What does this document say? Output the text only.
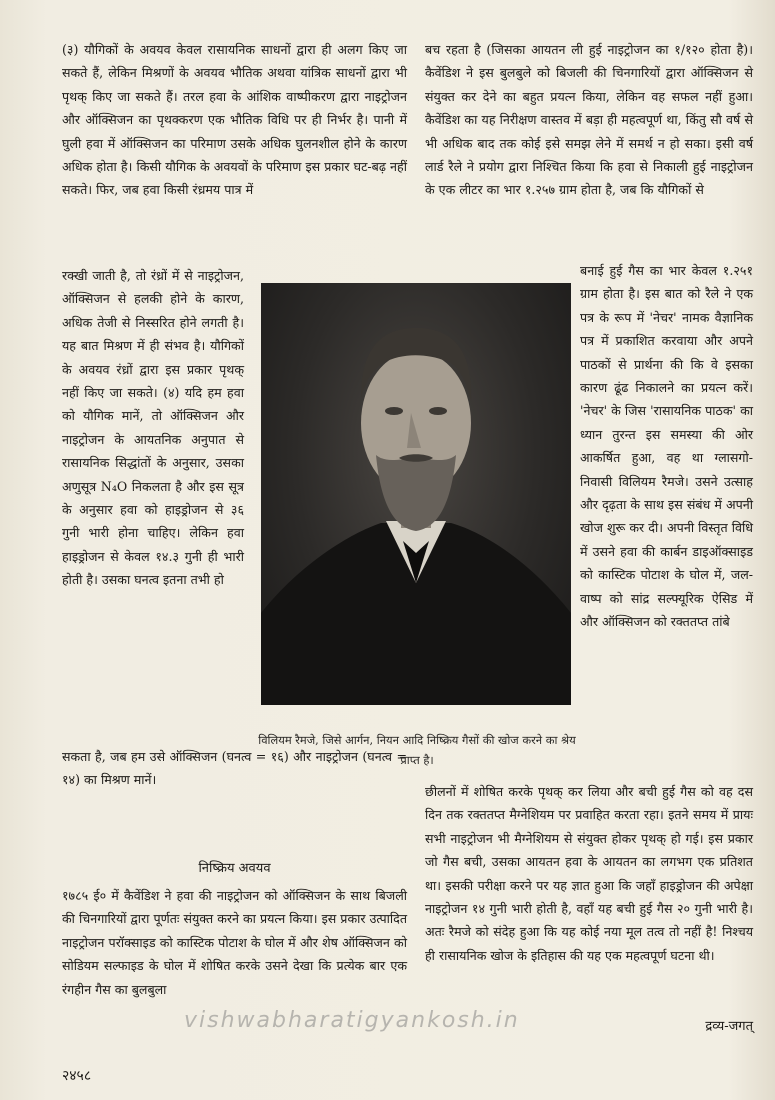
(३) यौगिकों के अवयव केवल रासायनिक साधनों द्वारा ही अलग किए जा सकते हैं, लेकिन मिश्रणों के अवयव भौतिक अथवा यांत्रिक साधनों द्वारा भी पृथक् किए जा सकते हैं। तरल हवा के आंशिक वाष्पीकरण द्वारा नाइट्रोजन और ऑक्सिजन का पृथक्करण एक भौतिक विधि पर ही निर्भर है। पानी में घुली हवा में ऑक्सिजन का परिमाण उसके अधिक घुलनशील होने के कारण अधिक होता है। किसी यौगिक के अवयवों के परिमाण इस प्रकार घट-बढ़ नहीं सकते। फिर, जब हवा किसी रंध्रमय पात्र में
रक्खी जाती है, तो रंध्रों में से नाइट्रोजन, ऑक्सिजन से हलकी होने के कारण, अधिक तेजी से निस्सरित होने लगती है। यह बात मिश्रण में ही संभव है। यौगिकों के अवयव रंध्रों द्वारा इस प्रकार पृथक् नहीं किए जा सकते। (४) यदि हम हवा को यौगिक मानें, तो ऑक्सिजन और नाइट्रोजन के आयतनिक अनुपात से रासायनिक सिद्धांतों के अनुसार, उसका अणुसूत्र N₄O निकलता है और इस सूत्र के अनुसार हवा को हाइड्रोजन से ३६ गुनी भारी होना चाहिए। लेकिन हवा हाइड्रोजन से केवल १४.३ गुनी ही भारी होती है। उसका घनत्व इतना तभी हो
सकता है, जब हम उसे ऑक्सिजन (घनत्व = १६) और नाइट्रोजन (घनत्व = १४) का मिश्रण मानें।
निष्क्रिय अवयव
१७८५ ई० में कैवेंडिश ने हवा की नाइट्रोजन को ऑक्सिजन के साथ बिजली की चिनगारियों द्वारा पूर्णतः संयुक्त करने का प्रयत्न किया। इस प्रकार उत्पादित नाइट्रोजन परॉक्साइड को कास्टिक पोटाश के घोल में और शेष ऑक्सिजन को सोडियम सल्फाइड के घोल में शोषित करके उसने देखा कि प्रत्येक बार एक रंगहीन गैस का बुलबुला
बच रहता है (जिसका आयतन ली हुई नाइट्रोजन का १/१२० होता है)। कैवेंडिश ने इस बुलबुले को बिजली की चिनगारियों द्वारा ऑक्सिजन से संयुक्त कर देने का बहुत प्रयत्न किया, लेकिन वह सफल नहीं हुआ। कैवेंडिश का यह निरीक्षण वास्तव में बड़ा ही महत्वपूर्ण था, किंतु सौ वर्ष से भी अधिक बाद तक कोई इसे समझ लेने में समर्थ न हो सका। इसी वर्ष लार्ड रैले ने प्रयोग द्वारा निश्चित किया कि हवा से निकाली हुई नाइट्रोजन के एक लीटर का भार १.२५७ ग्राम होता है, जब कि यौगिकों से
बनाई हुई गैस का भार केवल १.२५१ ग्राम होता है। इस बात को रैले ने एक पत्र के रूप में 'नेचर' नामक वैज्ञानिक पत्र में प्रकाशित करवाया और अपने पाठकों से प्रार्थना की कि वे इसका कारण ढूंढ निकालने का प्रयत्न करें। 'नेचर' के जिस 'रासायनिक पाठक' का ध्यान तुरन्त इस समस्या की ओर आकर्षित हुआ, वह था ग्लासगो-निवासी विलियम रैमजे। उसने उत्साह और दृढ़ता के साथ इस संबंध में अपनी खोज शुरू कर दी। अपनी विस्तृत विधि में उसने हवा की कार्बन डाइऑक्साइड को कास्टिक पोटाश के घोल में, जल-वाष्प को सांद्र सल्फ्यूरिक ऐसिड में और ऑक्सिजन को रक्ततप्त तांबे
छीलनों में शोषित करके पृथक् कर लिया और बची हुई गैस को वह दस दिन तक रक्ततप्त मैग्नेशियम पर प्रवाहित करता रहा। इतने समय में प्रायः सभी नाइट्रोजन भी मैग्नेशियम से संयुक्त होकर पृथक् हो गई। इस प्रकार जो गैस बची, उसका आयतन हवा के आयतन का लगभग एक प्रतिशत था। इसकी परीक्षा करने पर यह ज्ञात हुआ कि जहाँ हाइड्रोजन की अपेक्षा नाइट्रोजन १४ गुनी भारी होती है, वहाँ यह बची हुई गैस २० गुनी भारी है। अतः रैमजे को संदेह हुआ कि यह कोई नया मूल तत्व तो नहीं है! निश्चय ही रासायनिक खोज के इतिहास की यह एक महत्वपूर्ण घटना थी।
विलियम रैमजे, जिसे आर्गन, नियन आदि निष्क्रिय गैसों की खोज करने का श्रेय प्राप्त है।
vishwabharatigyankosh.in
२४५८
द्रव्य-जगत्
